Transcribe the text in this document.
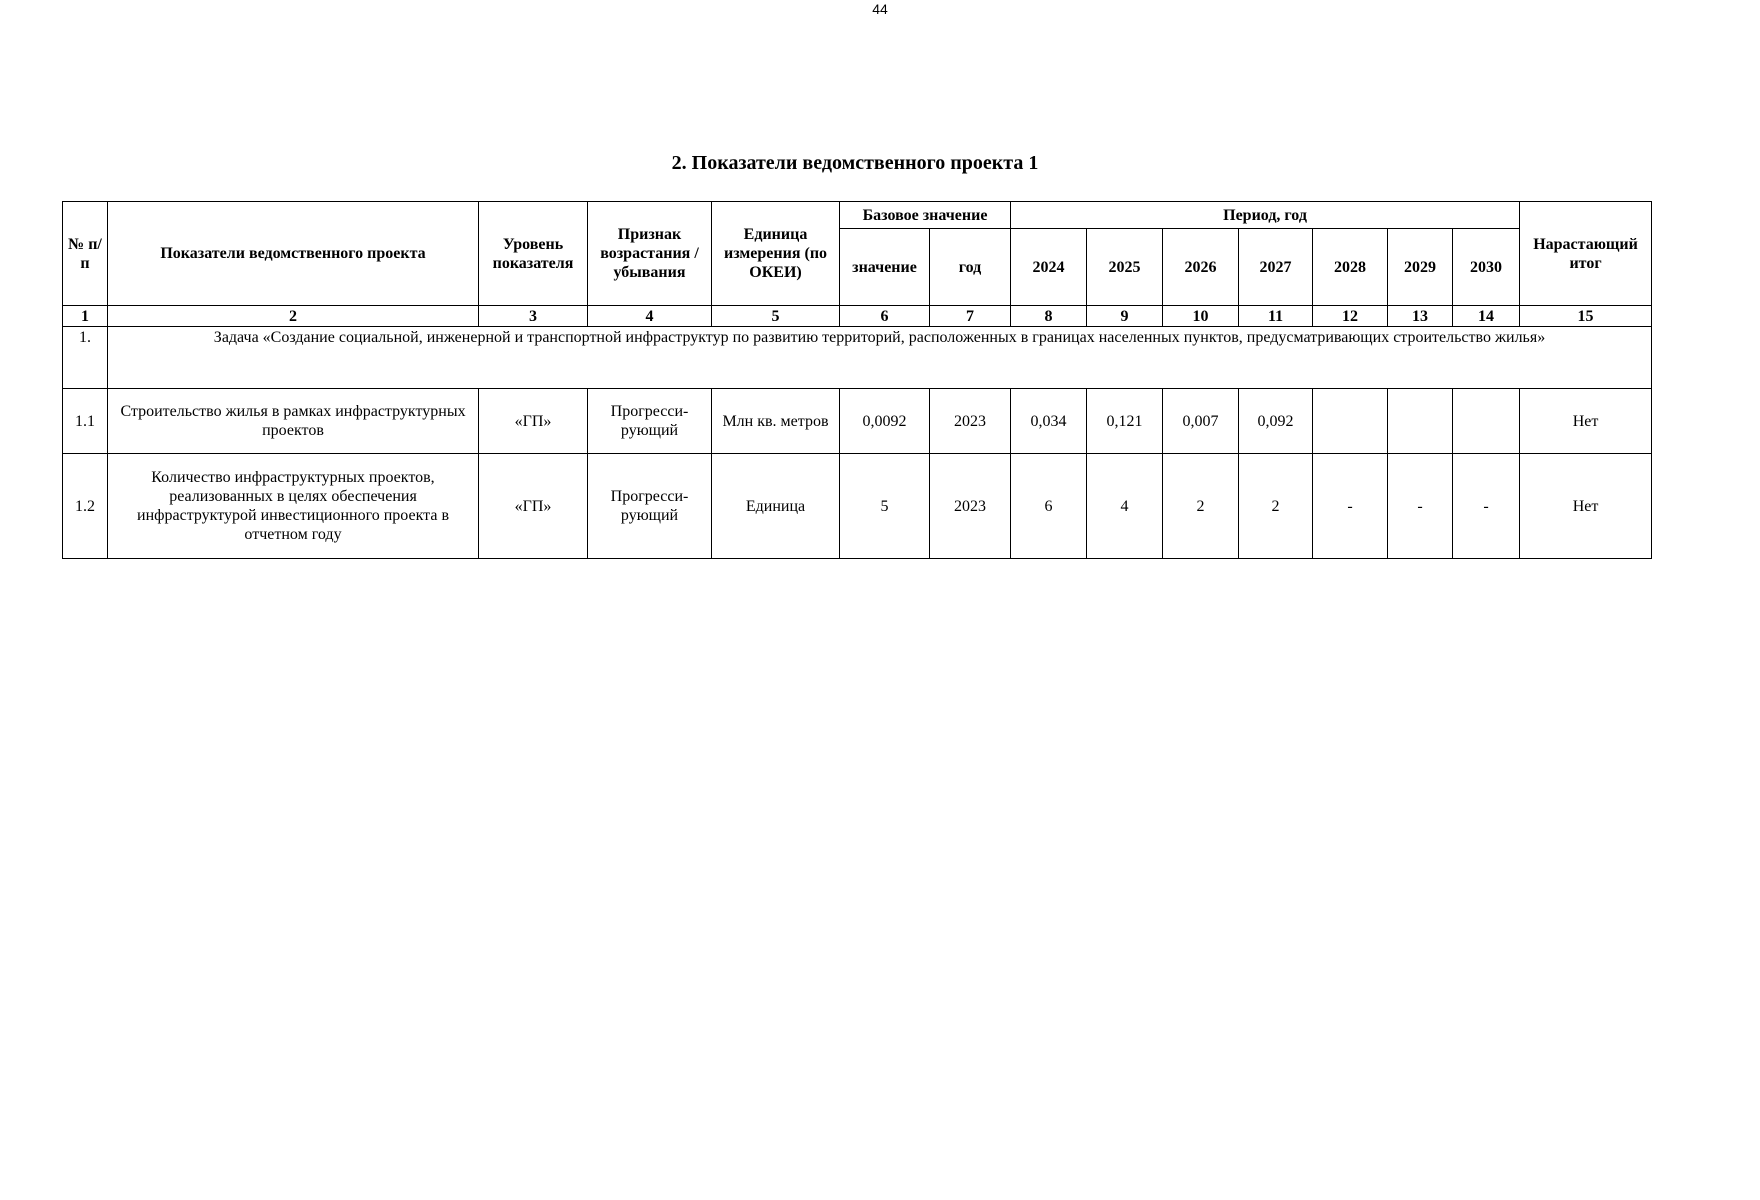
44
2. Показатели ведомственного проекта 1
№ п/п	Показатели ведомственного проекта	Уровень показателя	Признак возрастания / убывания	Единица измерения (по ОКЕИ)	Базовое значение		Период, год							Нарастающий итог
					значение	год	2024	2025	2026	2027	2028	2029	2030	
1	2	3	4	5	6	7	8	9	10	11	12	13	14	15
1.	Задача «Создание социальной, инженерной и транспортной инфраструктур по развитию территорий, расположенных в границах населенных пунктов, предусматривающих строительство жилья»													
1.1	Строительство жилья в рамках инфраструктурных проектов	«ГП»	Прогресси-рующий	Млн кв. метров	0,0092	2023	0,034	0,121	0,007	0,092				Нет
1.2	Количество инфраструктурных проектов, реализованных в целях обеспечения инфраструктурой инвестиционного проекта в отчетном году	«ГП»	Прогресси-рующий	Единица	5	2023	6	4	2	2	-	-	-	Нет
